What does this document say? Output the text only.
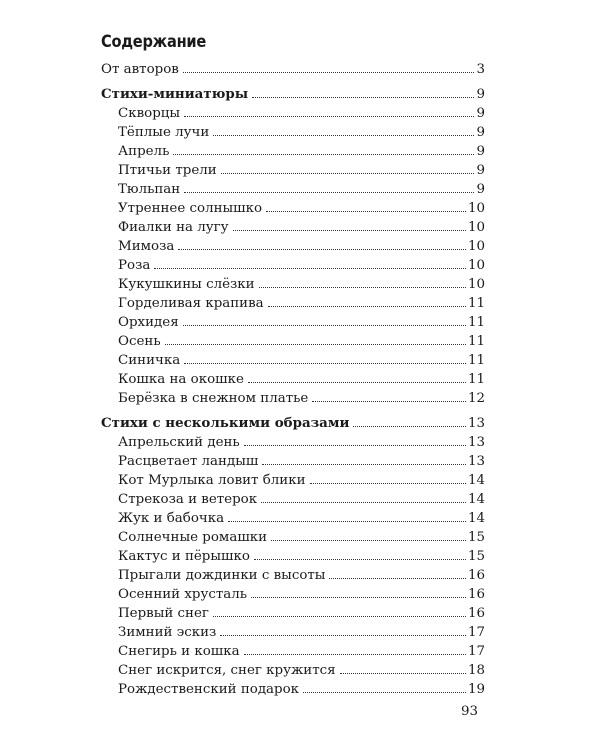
Содержание
От авторов	3
Стихи-миниатюры	9
Скворцы	9
Тёплые лучи	9
Апрель	9
Птичьи трели	9
Тюльпан	9
Утреннее солнышко	10
Фиалки на лугу	10
Мимоза	10
Роза	10
Кукушкины слёзки	10
Горделивая крапива	11
Орхидея	11
Осень	11
Синичка	11
Кошка на окошке	11
Берёзка в снежном платье	12
Стихи с несколькими образами	13
Апрельский день	13
Расцветает ландыш	13
Кот Мурлыка ловит блики	14
Стрекоза и ветерок	14
Жук и бабочка	14
Солнечные ромашки	15
Кактус и пёрышко	15
Прыгали дождинки с высоты	16
Осенний хрусталь	16
Первый снег	16
Зимний эскиз	17
Снегирь и кошка	17
Снег искрится, снег кружится	18
Рождественский подарок	19
93
